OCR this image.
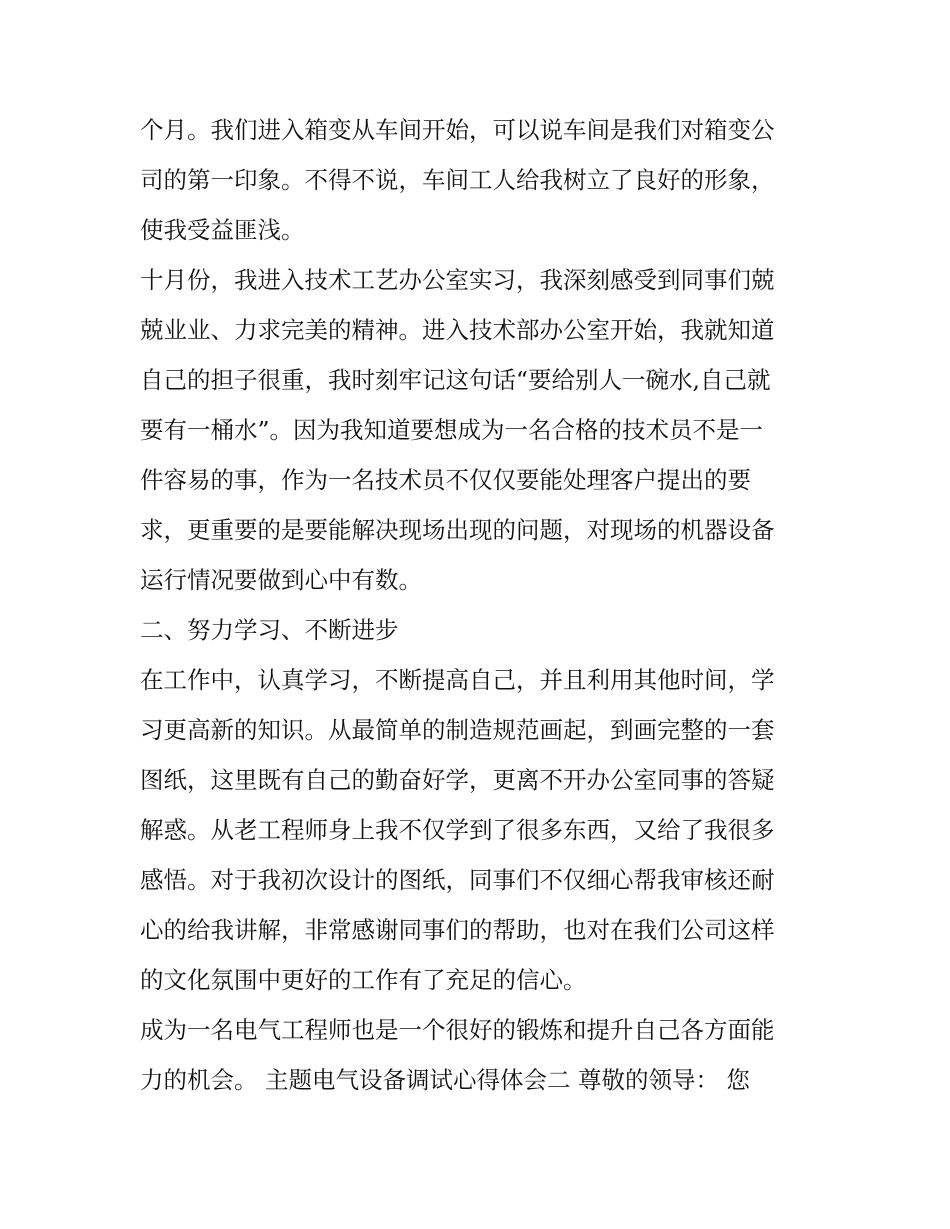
个月。我们进入箱变从车间开始，可以说车间是我们对箱变公
司的第一印象。不得不说，车间工人给我树立了良好的形象，
使我受益匪浅。
十月份，我进入技术工艺办公室实习，我深刻感受到同事们兢
兢业业、力求完美的精神。进入技术部办公室开始，我就知道
自己的担子很重，我时刻牢记这句话“要给别人一碗水,自己就
要有一桶水”。因为我知道要想成为一名合格的技术员不是一
件容易的事，作为一名技术员不仅仅要能处理客户提出的要
求，更重要的是要能解决现场出现的问题，对现场的机器设备
运行情况要做到心中有数。
二、努力学习、不断进步
在工作中，认真学习，不断提高自己，并且利用其他时间，学
习更高新的知识。从最简单的制造规范画起，到画完整的一套
图纸，这里既有自己的勤奋好学，更离不开办公室同事的答疑
解惑。从老工程师身上我不仅学到了很多东西，又给了我很多
感悟。对于我初次设计的图纸，同事们不仅细心帮我审核还耐
心的给我讲解，非常感谢同事们的帮助，也对在我们公司这样
的文化氛围中更好的工作有了充足的信心。
成为一名电气工程师也是一个很好的锻炼和提升自己各方面能
力的机会。 主题电气设备调试心得体会二 尊敬的领导： 您
